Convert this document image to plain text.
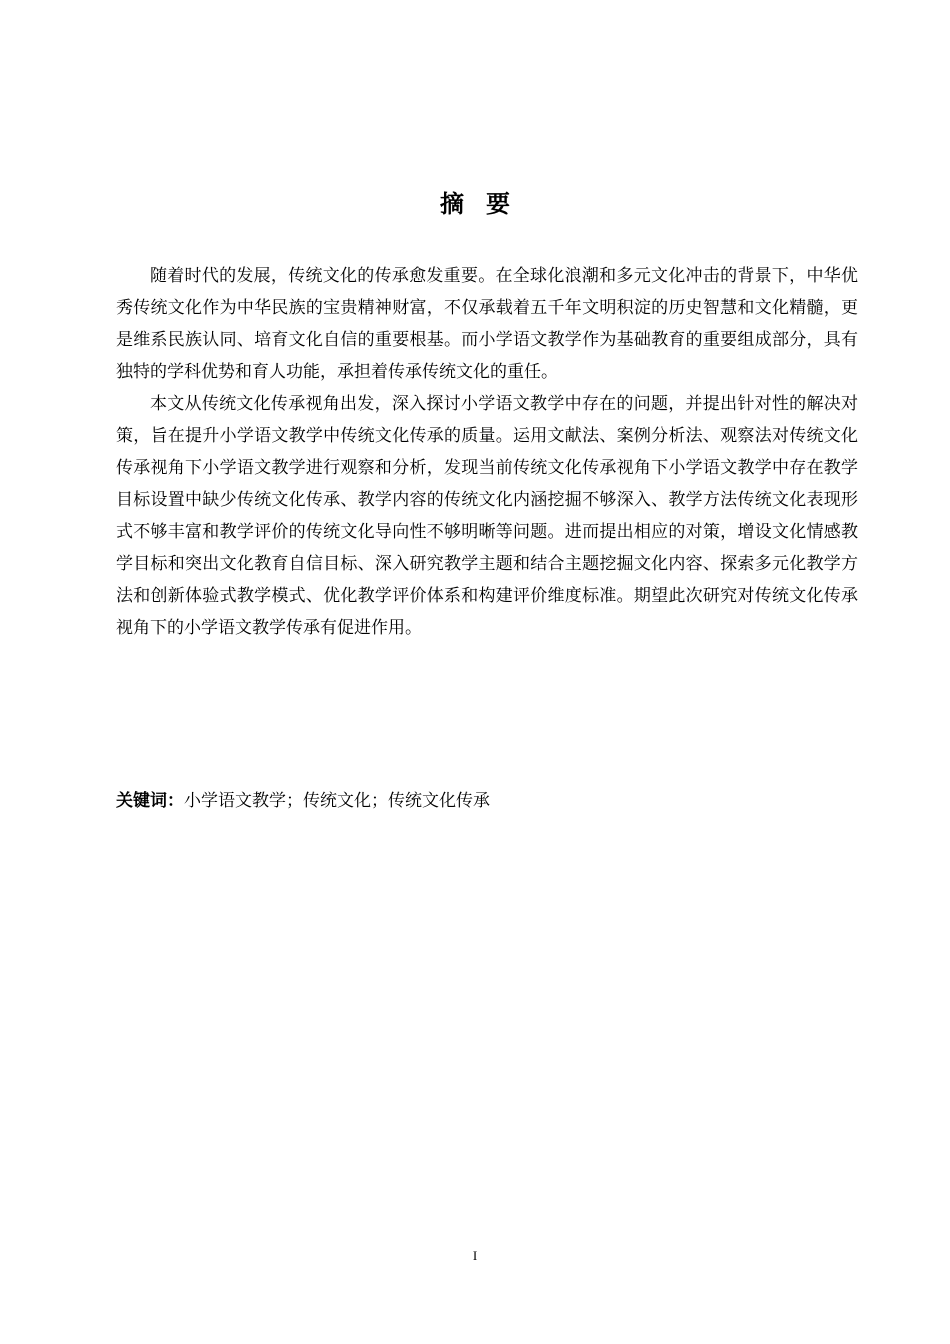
摘要

随着时代的发展，传统文化的传承愈发重要。在全球化浪潮和多元文化冲击的背景下，中华优秀传统文化作为中华民族的宝贵精神财富，不仅承载着五千年文明积淀的历史智慧和文化精髓，更是维系民族认同、培育文化自信的重要根基。而小学语文教学作为基础教育的重要组成部分，具有独特的学科优势和育人功能，承担着传承传统文化的重任。

本文从传统文化传承视角出发，深入探讨小学语文教学中存在的问题，并提出针对性的解决对策，旨在提升小学语文教学中传统文化传承的质量。运用文献法、案例分析法、观察法对传统文化传承视角下小学语文教学进行观察和分析，发现当前传统文化传承视角下小学语文教学中存在教学目标设置中缺少传统文化传承、教学内容的传统文化内涵挖掘不够深入、教学方法传统文化表现形式不够丰富和教学评价的传统文化导向性不够明晰等问题。进而提出相应的对策，增设文化情感教学目标和突出文化教育自信目标、深入研究教学主题和结合主题挖掘文化内容、探索多元化教学方法和创新体验式教学模式、优化教学评价体系和构建评价维度标准。期望此次研究对传统文化传承视角下的小学语文教学传承有促进作用。

关键词：小学语文教学；传统文化；传统文化传承

I
